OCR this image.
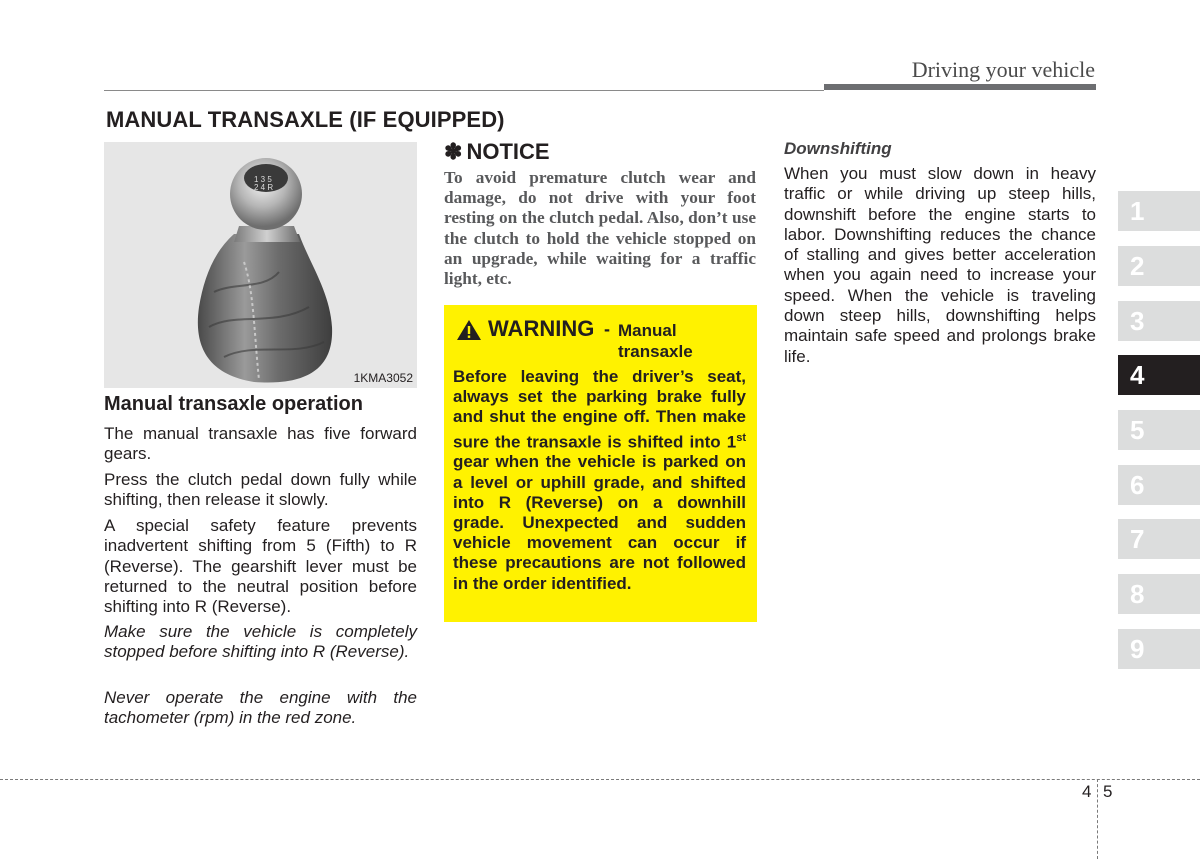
Driving your vehicle
MANUAL TRANSAXLE (IF EQUIPPED)
1 3 5
2 4 R
1KMA3052
Manual transaxle operation
The manual transaxle has five forward gears.
Press the clutch pedal down fully while shifting, then release it slowly.
A special safety feature prevents inadvertent shifting from 5 (Fifth) to R (Reverse). The gearshift lever must be returned to the neutral position before shifting into R (Reverse).
Make sure the vehicle is completely stopped before shifting into R (Reverse).
Never operate the engine with the tachometer (rpm) in the red zone.
✽ NOTICE
To avoid premature clutch wear and damage, do not drive with your foot resting on the clutch pedal. Also, don’t use the clutch to hold the vehicle stopped on an upgrade, while waiting for a traffic light, etc.
WARNING - Manual transaxle
Before leaving the driver’s seat, always set the parking brake fully and shut the engine off. Then make sure the transaxle is shifted into 1st gear when the vehicle is parked on a level or uphill grade, and shifted into R (Reverse) on a downhill grade. Unexpected and sudden vehicle movement can occur if these precautions are not followed in the order identified.
Downshifting
When you must slow down in heavy traffic or while driving up steep hills, downshift before the engine starts to labor. Downshifting reduces the chance of stalling and gives better acceleration when you again need to increase your speed. When the vehicle is traveling down steep hills, downshifting helps maintain safe speed and prolongs brake life.
1
2
3
4
5
6
7
8
9
4 5
